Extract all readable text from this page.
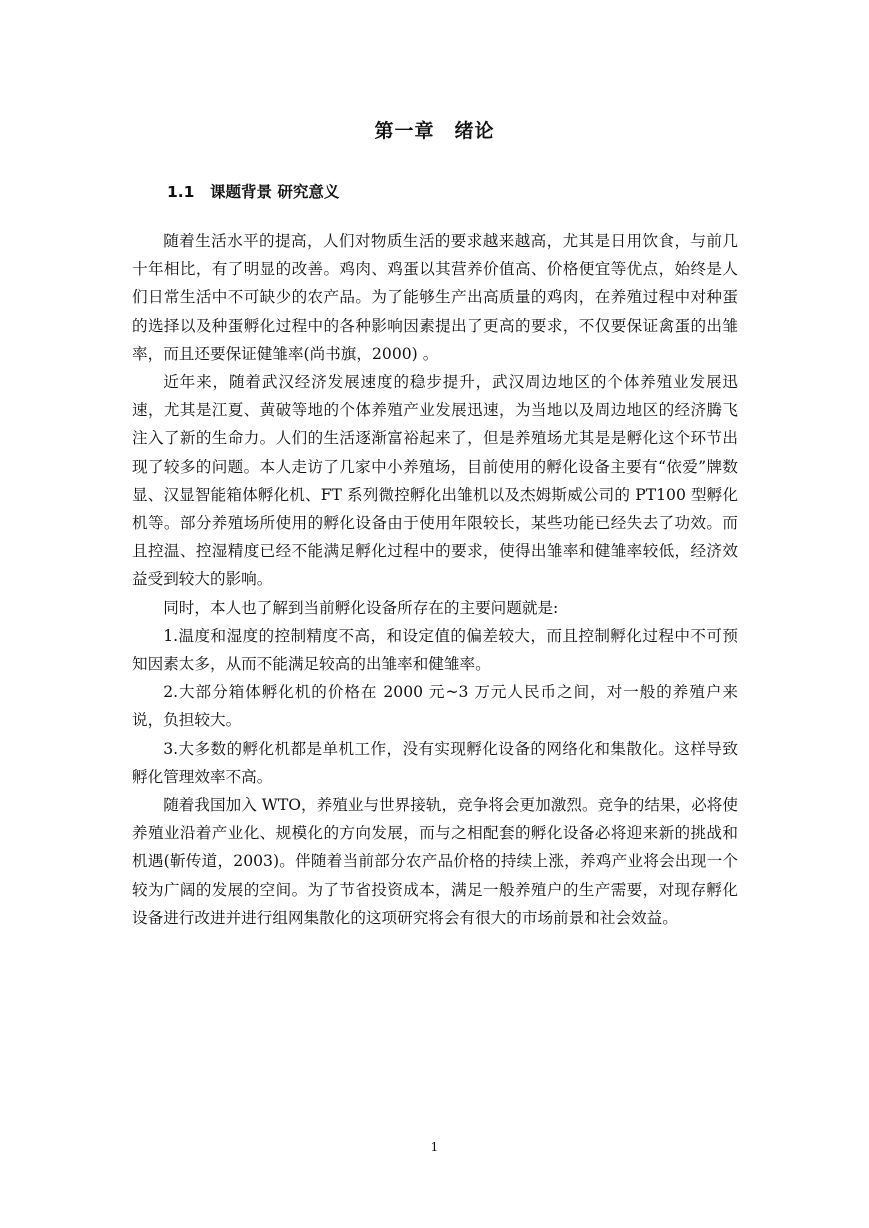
第一章　绪论
1.1　课题背景 研究意义

随着生活水平的提高，人们对物质生活的要求越来越高，尤其是日用饮食，与前几十年相比，有了明显的改善。鸡肉、鸡蛋以其营养价值高、价格便宜等优点，始终是人们日常生活中不可缺少的农产品。为了能够生产出高质量的鸡肉，在养殖过程中对种蛋的选择以及种蛋孵化过程中的各种影响因素提出了更高的要求，不仅要保证禽蛋的出雏率，而且还要保证健雏率(尚书旗，2000) 。

近年来，随着武汉经济发展速度的稳步提升，武汉周边地区的个体养殖业发展迅速，尤其是江夏、黄破等地的个体养殖产业发展迅速，为当地以及周边地区的经济腾飞注入了新的生命力。人们的生活逐渐富裕起来了，但是养殖场尤其是是孵化这个环节出现了较多的问题。本人走访了几家中小养殖场，目前使用的孵化设备主要有“依爱”牌数显、汉显智能箱体孵化机、FT 系列微控孵化出雏机以及杰姆斯威公司的 PT100 型孵化机等。部分养殖场所使用的孵化设备由于使用年限较长，某些功能已经失去了功效。而且控温、控湿精度已经不能满足孵化过程中的要求，使得出雏率和健雏率较低，经济效益受到较大的影响。

同时，本人也了解到当前孵化设备所存在的主要问题就是:

1.温度和湿度的控制精度不高，和设定值的偏差较大，而且控制孵化过程中不可预知因素太多，从而不能满足较高的出雏率和健雏率。

2.大部分箱体孵化机的价格在 2000 元~3 万元人民币之间，对一般的养殖户来说，负担较大。

3.大多数的孵化机都是单机工作，没有实现孵化设备的网络化和集散化。这样导致孵化管理效率不高。

随着我国加入 WTO，养殖业与世界接轨，竞争将会更加激烈。竞争的结果，必将使养殖业沿着产业化、规模化的方向发展，而与之相配套的孵化设备必将迎来新的挑战和机遇(靳传道，2003)。伴随着当前部分农产品价格的持续上涨，养鸡产业将会出现一个较为广阔的发展的空间。为了节省投资成本，满足一般养殖户的生产需要，对现存孵化设备进行改进并进行组网集散化的这项研究将会有很大的市场前景和社会效益。

1
